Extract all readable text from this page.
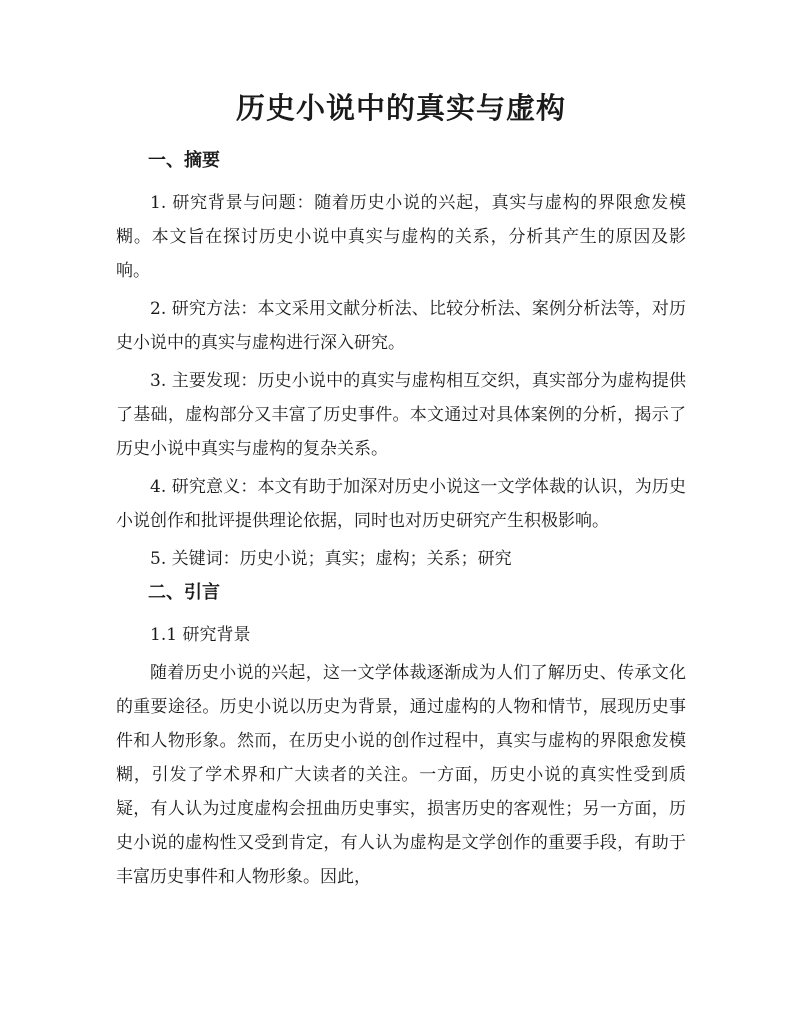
历史小说中的真实与虚构
一、摘要

1. 研究背景与问题：随着历史小说的兴起，真实与虚构的界限愈发模糊。本文旨在探讨历史小说中真实与虚构的关系，分析其产生的原因及影响。

2. 研究方法：本文采用文献分析法、比较分析法、案例分析法等，对历史小说中的真实与虚构进行深入研究。

3. 主要发现：历史小说中的真实与虚构相互交织，真实部分为虚构提供了基础，虚构部分又丰富了历史事件。本文通过对具体案例的分析，揭示了历史小说中真实与虚构的复杂关系。

4. 研究意义：本文有助于加深对历史小说这一文学体裁的认识，为历史小说创作和批评提供理论依据，同时也对历史研究产生积极影响。

5. 关键词：历史小说；真实；虚构；关系；研究

二、引言
1.1 研究背景

随着历史小说的兴起，这一文学体裁逐渐成为人们了解历史、传承文化的重要途径。历史小说以历史为背景，通过虚构的人物和情节，展现历史事件和人物形象。然而，在历史小说的创作过程中，真实与虚构的界限愈发模糊，引发了学术界和广大读者的关注。一方面，历史小说的真实性受到质疑，有人认为过度虚构会扭曲历史事实，损害历史的客观性；另一方面，历史小说的虚构性又受到肯定，有人认为虚构是文学创作的重要手段，有助于丰富历史事件和人物形象。因此，
